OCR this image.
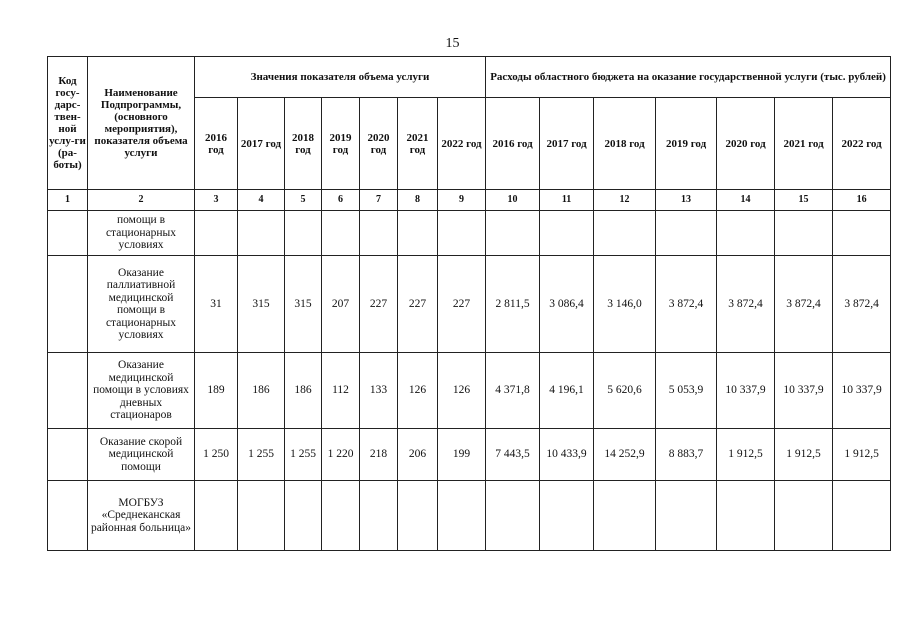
15
Код госу-дарс-твен-ной услу-ги (ра-боты)	Наименование Подпрограммы, (основного мероприятия), показателя объема услуги	Значения показателя объема услуги							Расходы областного бюджета на оказание государственной услуги (тыс. рублей)						
		2016 год	2017 год	2018 год	2019 год	2020 год	2021 год	2022 год	2016 год	2017 год	2018 год	2019 год	2020 год	2021 год	2022 год
1	2	3	4	5	6	7	8	9	10	11	12	13	14	15	16
	помощи в стационарных условиях														
	Оказание паллиативной медицинской помощи в стационарных условиях	31	315	315	207	227	227	227	2 811,5	3 086,4	3 146,0	3 872,4	3 872,4	3 872,4	3 872,4
	Оказание медицинской помощи в условиях дневных стационаров	189	186	186	112	133	126	126	4 371,8	4 196,1	5 620,6	5 053,9	10 337,9	10 337,9	10 337,9
	Оказание скорой медицинской помощи	1 250	1 255	1 255	1 220	218	206	199	7 443,5	10 433,9	14 252,9	8 883,7	1 912,5	1 912,5	1 912,5
	МОГБУЗ «Среднеканская районная больница»														
